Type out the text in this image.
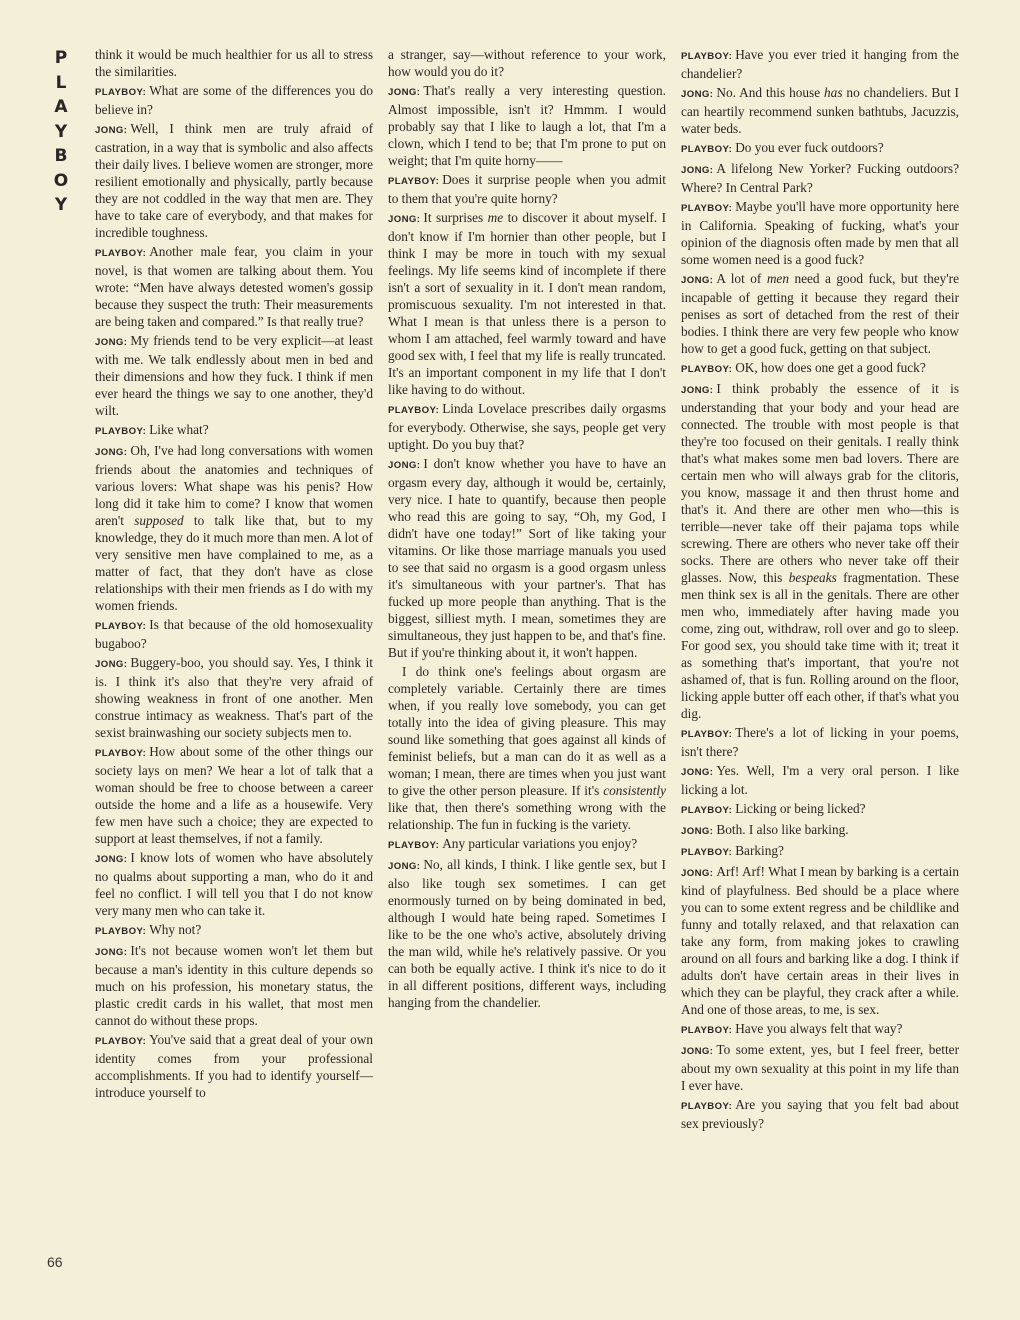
P
L
A
Y
B
O
Y
66

think it would be much healthier for us all to stress the similarities.

PLAYBOY: What are some of the differences you do believe in?

JONG: Well, I think men are truly afraid of castration, in a way that is symbolic and also affects their daily lives. I believe women are stronger, more resilient emotionally and physically, partly because they are not coddled in the way that men are. They have to take care of everybody, and that makes for incredible toughness.

PLAYBOY: Another male fear, you claim in your novel, is that women are talking about them. You wrote: “Men have always detested women's gossip because they suspect the truth: Their measurements are being taken and compared.” Is that really true?

JONG: My friends tend to be very explicit—at least with me. We talk endlessly about men in bed and their dimensions and how they fuck. I think if men ever heard the things we say to one another, they'd wilt.

PLAYBOY: Like what?

JONG: Oh, I've had long conversations with women friends about the anatomies and techniques of various lovers: What shape was his penis? How long did it take him to come? I know that women aren't supposed to talk like that, but to my knowledge, they do it much more than men. A lot of very sensitive men have complained to me, as a matter of fact, that they don't have as close relationships with their men friends as I do with my women friends.

PLAYBOY: Is that because of the old homosexuality bugaboo?

JONG: Buggery-boo, you should say. Yes, I think it is. I think it's also that they're very afraid of showing weakness in front of one another. Men construe intimacy as weakness. That's part of the sexist brainwashing our society subjects men to.

PLAYBOY: How about some of the other things our society lays on men? We hear a lot of talk that a woman should be free to choose between a career outside the home and a life as a housewife. Very few men have such a choice; they are expected to support at least themselves, if not a family.

JONG: I know lots of women who have absolutely no qualms about supporting a man, who do it and feel no conflict. I will tell you that I do not know very many men who can take it.

PLAYBOY: Why not?

JONG: It's not because women won't let them but because a man's identity in this culture depends so much on his profession, his monetary status, the plastic credit cards in his wallet, that most men cannot do without these props.

PLAYBOY: You've said that a great deal of your own identity comes from your professional accomplishments. If you had to identify yourself—introduce yourself to

a stranger, say—without reference to your work, how would you do it?

JONG: That's really a very interesting question. Almost impossible, isn't it? Hmmm. I would probably say that I like to laugh a lot, that I'm a clown, which I tend to be; that I'm prone to put on weight; that I'm quite horny——

PLAYBOY: Does it surprise people when you admit to them that you're quite horny?

JONG: It surprises me to discover it about myself. I don't know if I'm hornier than other people, but I think I may be more in touch with my sexual feelings. My life seems kind of incomplete if there isn't a sort of sexuality in it. I don't mean random, promiscuous sexuality. I'm not interested in that. What I mean is that unless there is a person to whom I am attached, feel warmly toward and have good sex with, I feel that my life is really truncated. It's an important component in my life that I don't like having to do without.

PLAYBOY: Linda Lovelace prescribes daily orgasms for everybody. Otherwise, she says, people get very uptight. Do you buy that?

JONG: I don't know whether you have to have an orgasm every day, although it would be, certainly, very nice. I hate to quantify, because then people who read this are going to say, “Oh, my God, I didn't have one today!” Sort of like taking your vitamins. Or like those marriage manuals you used to see that said no orgasm is a good orgasm unless it's simultaneous with your partner's. That has fucked up more people than anything. That is the biggest, silliest myth. I mean, sometimes they are simultaneous, they just happen to be, and that's fine. But if you're thinking about it, it won't happen.

I do think one's feelings about orgasm are completely variable. Certainly there are times when, if you really love somebody, you can get totally into the idea of giving pleasure. This may sound like something that goes against all kinds of feminist beliefs, but a man can do it as well as a woman; I mean, there are times when you just want to give the other person pleasure. If it's consistently like that, then there's something wrong with the relationship. The fun in fucking is the variety.

PLAYBOY: Any particular variations you enjoy?

JONG: No, all kinds, I think. I like gentle sex, but I also like tough sex sometimes. I can get enormously turned on by being dominated in bed, although I would hate being raped. Sometimes I like to be the one who's active, absolutely driving the man wild, while he's relatively passive. Or you can both be equally active. I think it's nice to do it in all different positions, different ways, including hanging from the chandelier.

PLAYBOY: Have you ever tried it hanging from the chandelier?

JONG: No. And this house has no chandeliers. But I can heartily recommend sunken bathtubs, Jacuzzis, water beds.

PLAYBOY: Do you ever fuck outdoors?

JONG: A lifelong New Yorker? Fucking outdoors? Where? In Central Park?

PLAYBOY: Maybe you'll have more opportunity here in California. Speaking of fucking, what's your opinion of the diagnosis often made by men that all some women need is a good fuck?

JONG: A lot of men need a good fuck, but they're incapable of getting it because they regard their penises as sort of detached from the rest of their bodies. I think there are very few people who know how to get a good fuck, getting on that subject.

PLAYBOY: OK, how does one get a good fuck?

JONG: I think probably the essence of it is understanding that your body and your head are connected. The trouble with most people is that they're too focused on their genitals. I really think that's what makes some men bad lovers. There are certain men who will always grab for the clitoris, you know, massage it and then thrust home and that's it. And there are other men who—this is terrible—never take off their pajama tops while screwing. There are others who never take off their socks. There are others who never take off their glasses. Now, this bespeaks fragmentation. These men think sex is all in the genitals. There are other men who, immediately after having made you come, zing out, withdraw, roll over and go to sleep. For good sex, you should take time with it; treat it as something that's important, that you're not ashamed of, that is fun. Rolling around on the floor, licking apple butter off each other, if that's what you dig.

PLAYBOY: There's a lot of licking in your poems, isn't there?

JONG: Yes. Well, I'm a very oral person. I like licking a lot.

PLAYBOY: Licking or being licked?

JONG: Both. I also like barking.

PLAYBOY: Barking?

JONG: Arf! Arf! What I mean by barking is a certain kind of playfulness. Bed should be a place where you can to some extent regress and be childlike and funny and totally relaxed, and that relaxation can take any form, from making jokes to crawling around on all fours and barking like a dog. I think if adults don't have certain areas in their lives in which they can be playful, they crack after a while. And one of those areas, to me, is sex.

PLAYBOY: Have you always felt that way?

JONG: To some extent, yes, but I feel freer, better about my own sexuality at this point in my life than I ever have.

PLAYBOY: Are you saying that you felt bad about sex previously?
